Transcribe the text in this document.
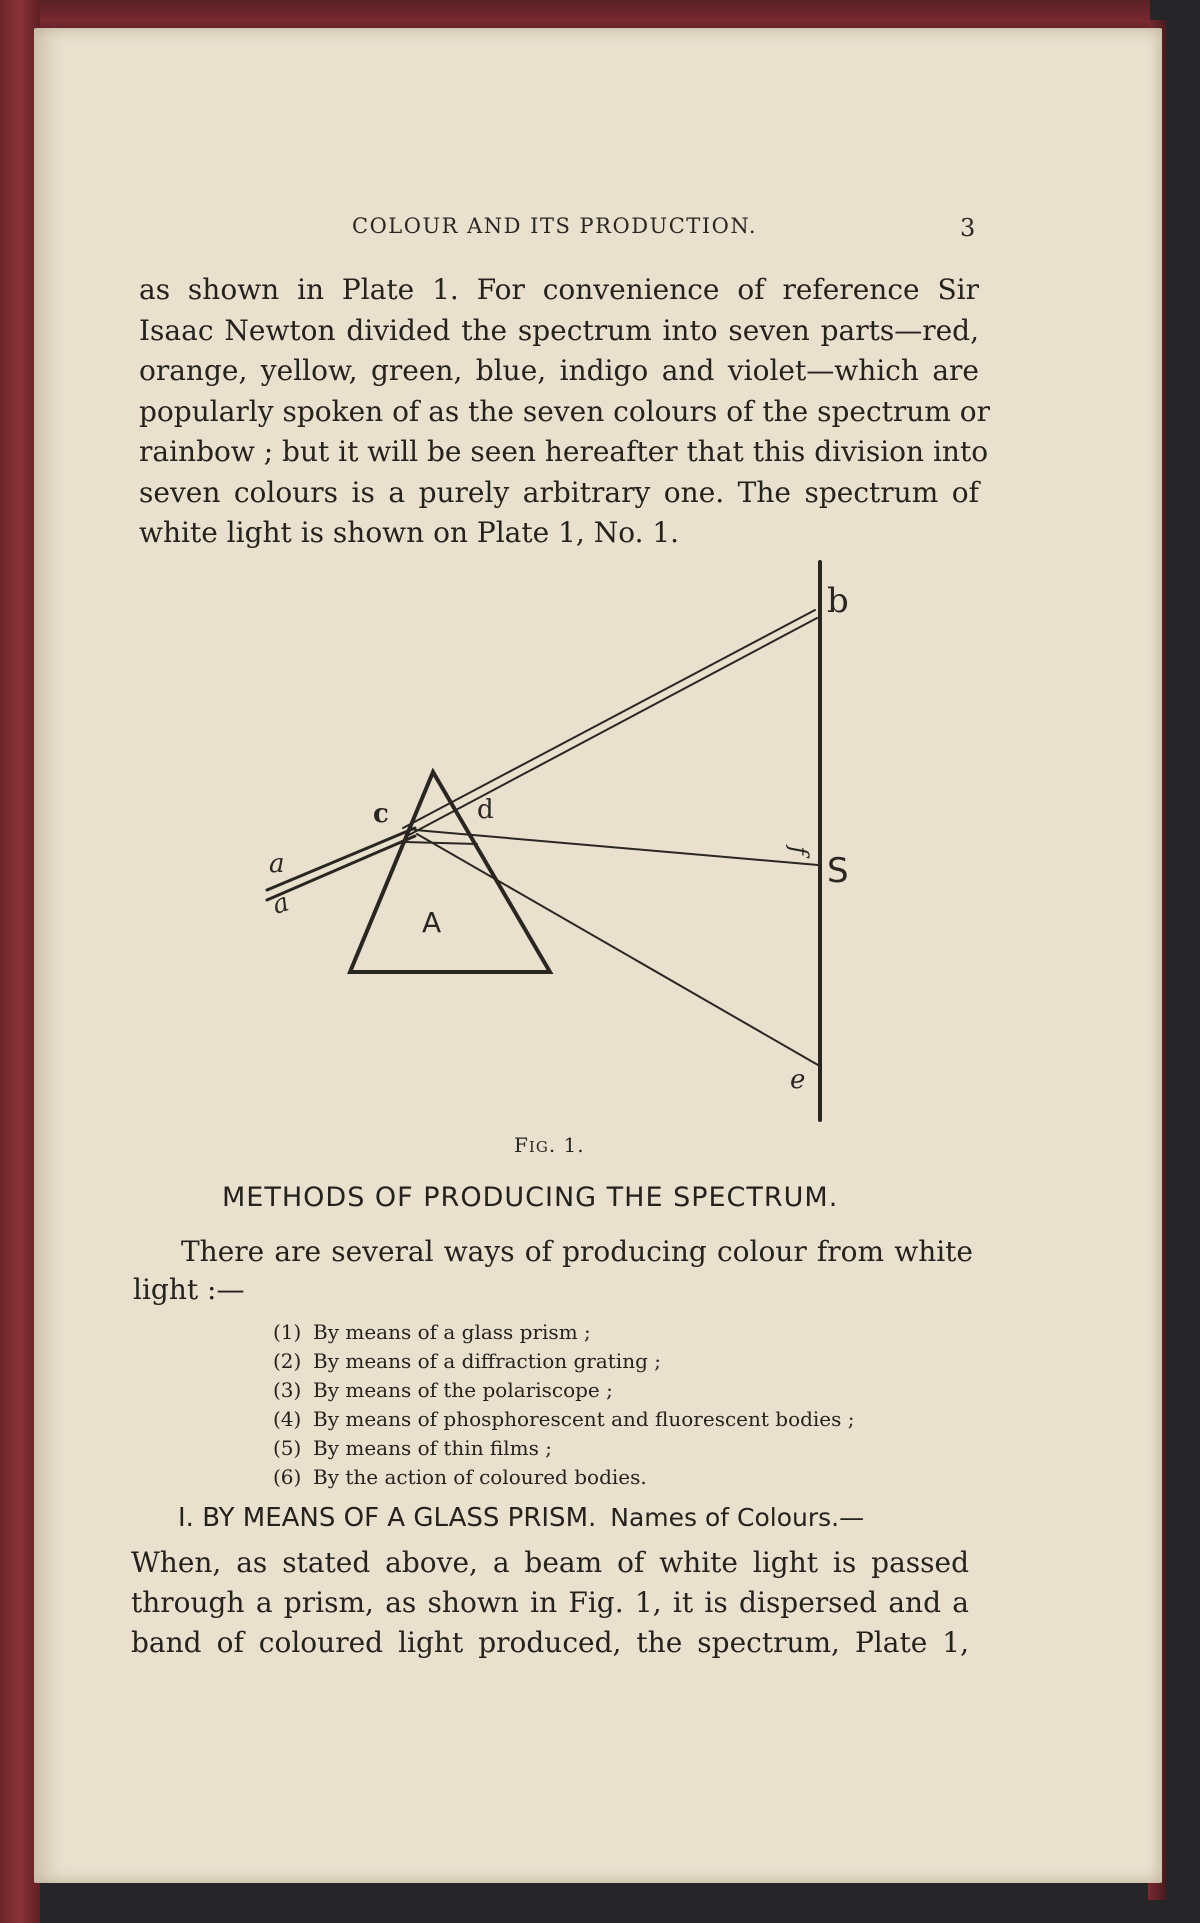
COLOUR AND ITS PRODUCTION.	3
as shown in Plate 1. For convenience of reference Sir
Isaac Newton divided the spectrum into seven parts—red,
orange, yellow, green, blue, indigo and violet—which are
popularly spoken of as the seven colours of the spectrum or
rainbow ; but it will be seen hereafter that this division into
seven colours is a purely arbitrary one. The spectrum of
white light is shown on Plate 1, No. 1.
a
a
c	d
A
b
f
S
e
FIG. 1.
METHODS OF PRODUCING THE SPECTRUM.
There are several ways of producing colour from white
light :—
(1) By means of a glass prism ;
(2) By means of a diffraction grating ;
(3) By means of the polariscope ;
(4) By means of phosphorescent and fluorescent bodies ;
(5) By means of thin films ;
(6) By the action of coloured bodies.
I. BY MEANS OF A GLASS PRISM. Names of Colours.—
When, as stated above, a beam of white light is passed
through a prism, as shown in Fig. 1, it is dispersed and a
band of coloured light produced, the spectrum, Plate 1,
